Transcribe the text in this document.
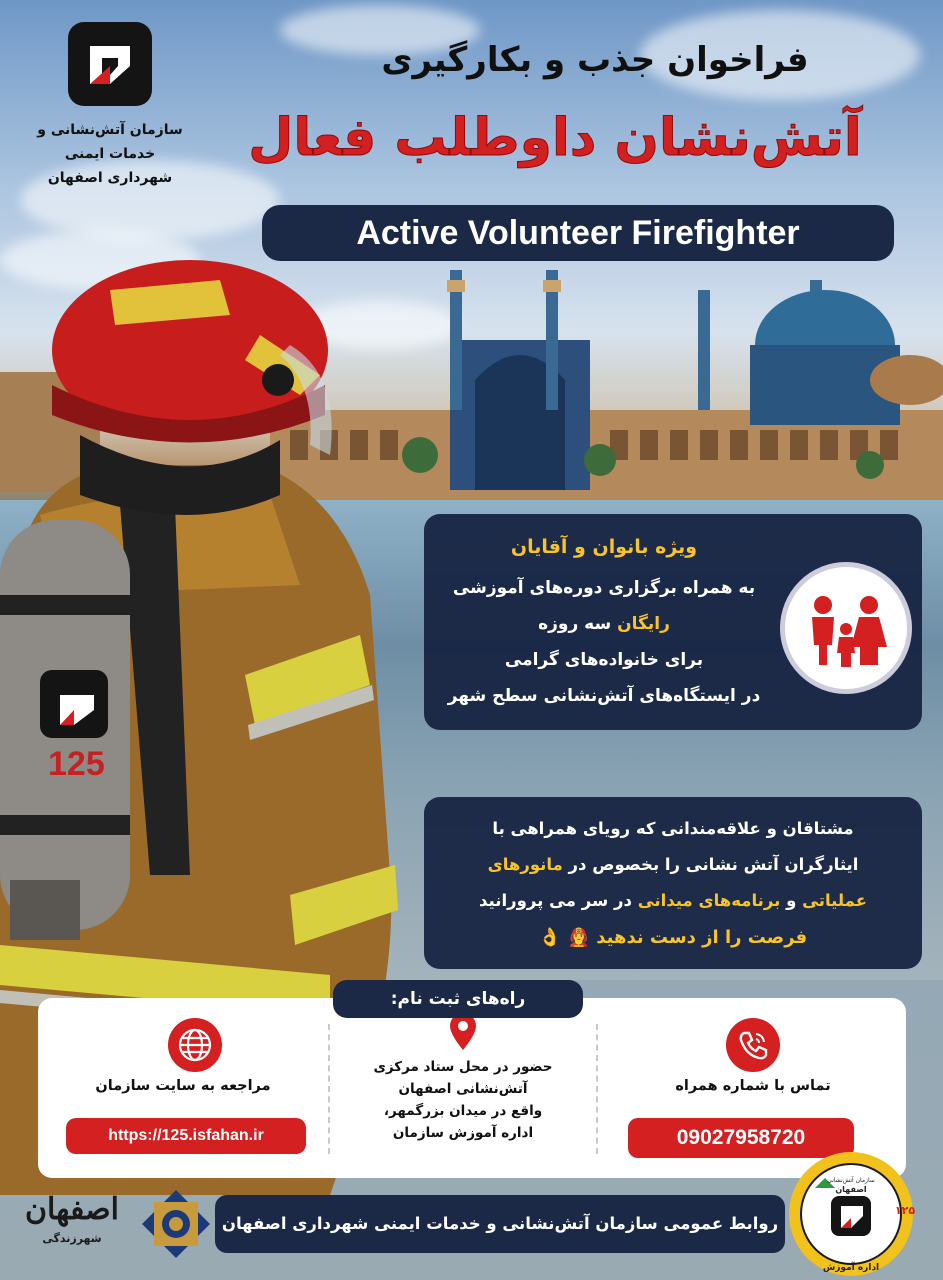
125
سازمان آتش‌نشانی و
خدمات ایمنی
شهرداری اصفهان
فراخوان جذب و بکارگیری
آتش‌نشان داوطلب فعال
Active Volunteer Firefighter
ویژه بانوان و آقایان
به همراه برگزاری دوره‌های آموزشی
رایگان سه روزه
برای خانواده‌های گرامی
در ایستگاه‌های آتش‌نشانی سطح شهر
مشتاقان و علاقه‌مندانی که رویای همراهی با
ایثارگران آتش نشانی را بخصوص در مانورهای
عملیاتی و برنامه‌های میدانی در سر می پرورانید
فرصت را از دست ندهید 👩‍🚒 👌
مراجعه به سایت سازمان
https://125.isfahan.ir
حضور در محل ستاد مرکزی
آتش‌نشانی اصفهان
واقع در میدان بزرگمهر،
اداره آموزش سازمان
تماس با شماره همراه
09027958720
راه‌های ثبت نام:
اصفهان
شهرزندگی
روابط عمومی سازمان آتش‌نشانی و خدمات ایمنی شهرداری اصفهان
سازمان آتش‌نشانی
اصفهان
اداره آموزش
۱۲۵
